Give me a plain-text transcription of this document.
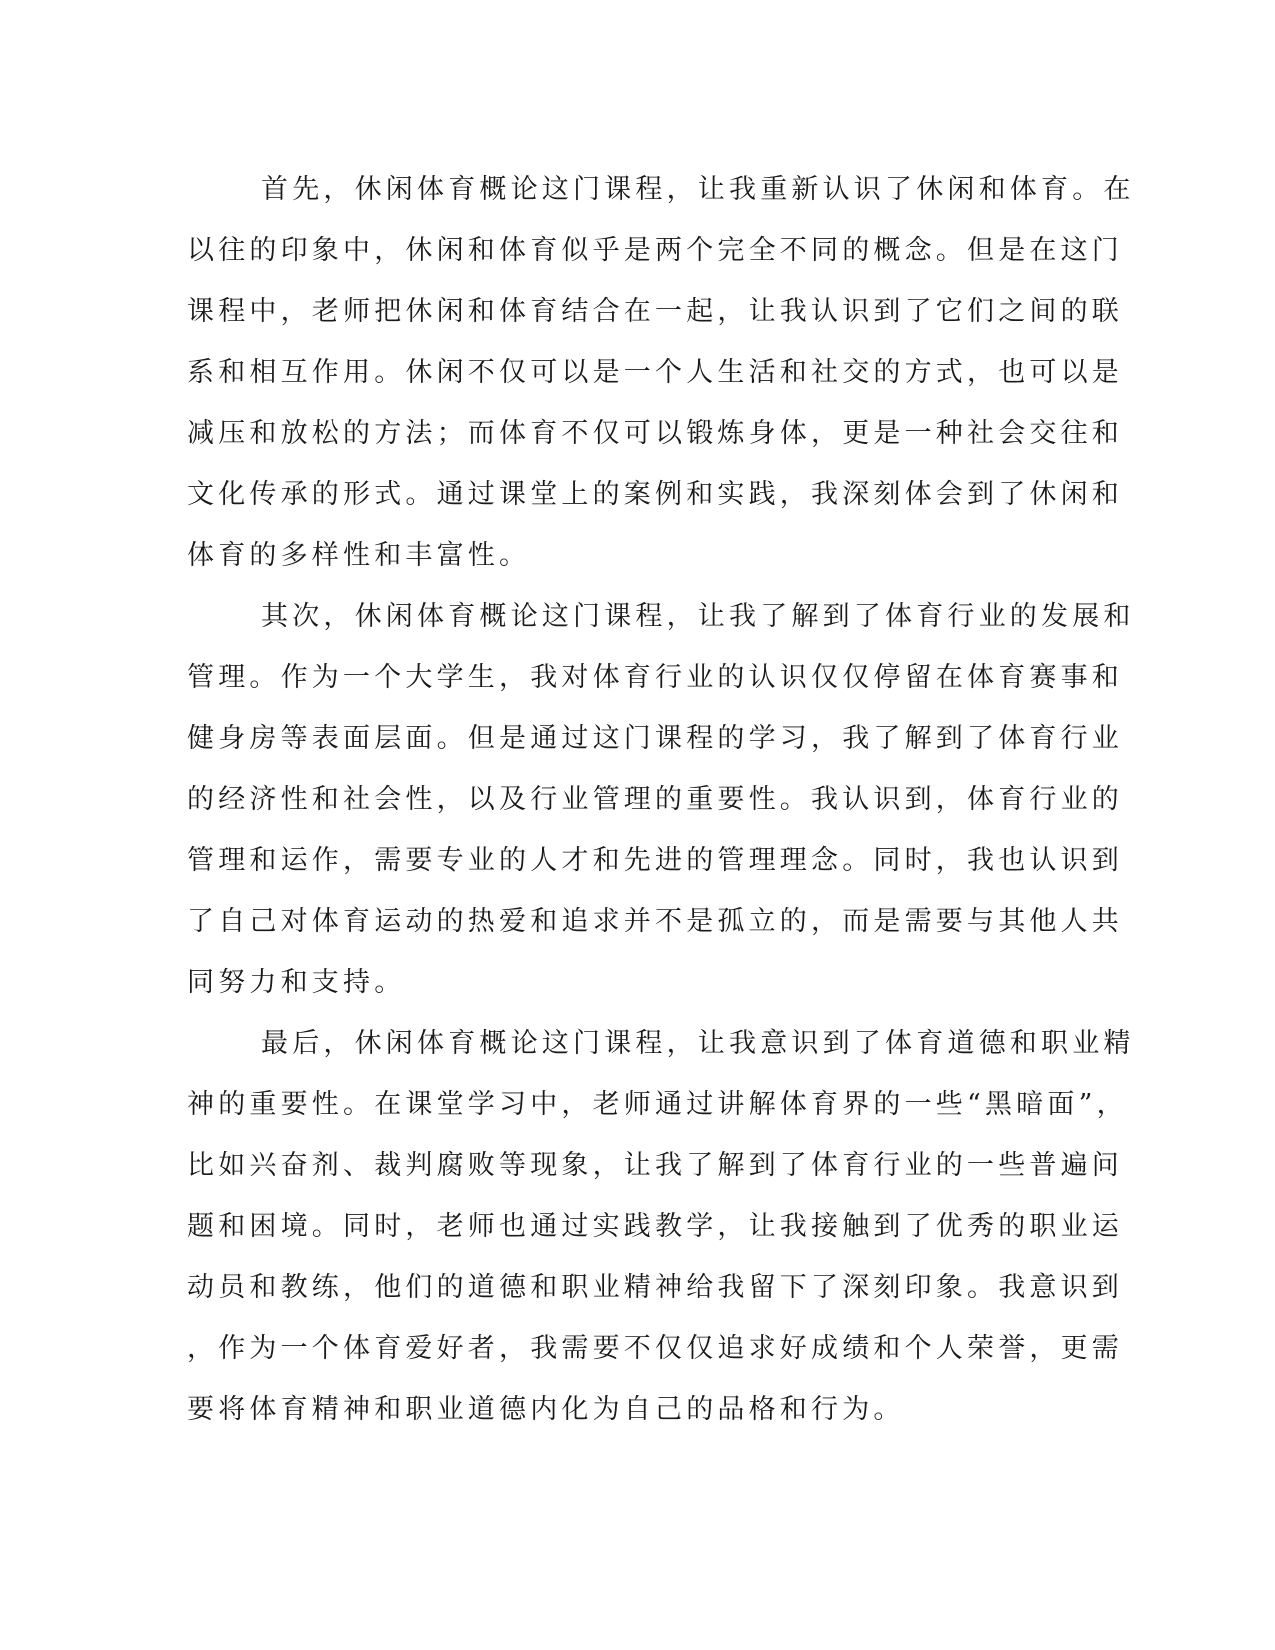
首先，休闲体育概论这门课程，让我重新认识了休闲和体育。在
以往的印象中，休闲和体育似乎是两个完全不同的概念。但是在这门
课程中，老师把休闲和体育结合在一起，让我认识到了它们之间的联
系和相互作用。休闲不仅可以是一个人生活和社交的方式，也可以是
减压和放松的方法；而体育不仅可以锻炼身体，更是一种社会交往和
文化传承的形式。通过课堂上的案例和实践，我深刻体会到了休闲和
体育的多样性和丰富性。
其次，休闲体育概论这门课程，让我了解到了体育行业的发展和
管理。作为一个大学生，我对体育行业的认识仅仅停留在体育赛事和
健身房等表面层面。但是通过这门课程的学习，我了解到了体育行业
的经济性和社会性，以及行业管理的重要性。我认识到，体育行业的
管理和运作，需要专业的人才和先进的管理理念。同时，我也认识到
了自己对体育运动的热爱和追求并不是孤立的，而是需要与其他人共
同努力和支持。
最后，休闲体育概论这门课程，让我意识到了体育道德和职业精
神的重要性。在课堂学习中，老师通过讲解体育界的一些“黑暗面”，
比如兴奋剂、裁判腐败等现象，让我了解到了体育行业的一些普遍问
题和困境。同时，老师也通过实践教学，让我接触到了优秀的职业运
动员和教练，他们的道德和职业精神给我留下了深刻印象。我意识到
，作为一个体育爱好者，我需要不仅仅追求好成绩和个人荣誉，更需
要将体育精神和职业道德内化为自己的品格和行为。
